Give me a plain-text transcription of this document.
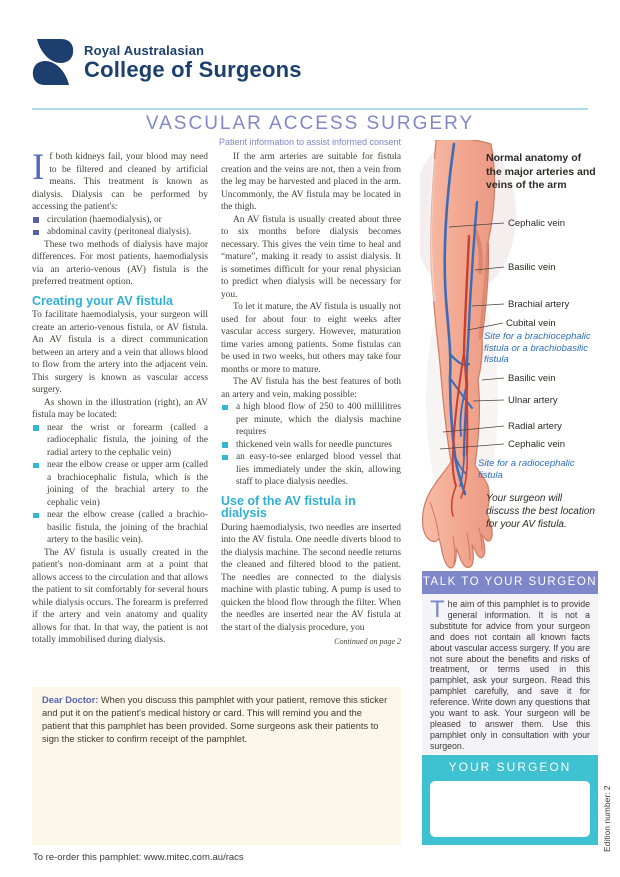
Royal Australasian
College of Surgeons
VASCULAR ACCESS SURGERY
Patient information to assist informed consent

If both kidneys fail, your blood may need to be filtered and cleaned by artificial means. This treatment is known as dialysis. Dialysis can be performed by accessing the patient's:

circulation (haemodialysis), or
abdominal cavity (peritoneal dialysis).

These two methods of dialysis have major differences. For most patients, haemodialysis via an arterio-venous (AV) fistula is the preferred treatment option.

Creating your AV fistula

To facilitate haemodialysis, your surgeon will create an arterio-venous fistula, or AV fistula. An AV fistula is a direct communication between an artery and a vein that allows blood to flow from the artery into the adjacent vein. This surgery is known as vascular access surgery.

As shown in the illustration (right), an AV fistula may be located:

near the wrist or forearm (called a radiocephalic fistula, the joining of the radial artery to the cephalic vein)
near the elbow crease or upper arm (called a brachiocephalic fistula, which is the joining of the brachial artery to the cephalic vein)
near the elbow crease (called a brachio-basilic fistula, the joining of the brachial artery to the basilic vein).

The AV fistula is usually created in the patient's non-dominant arm at a point that allows access to the circulation and that allows the patient to sit comfortably for several hours while dialysis occurs. The forearm is preferred if the artery and vein anatomy and quality allows for that. In that way, the patient is not totally immobilised during dialysis.

If the arm arteries are suitable for fistula creation and the veins are not, then a vein from the leg may be harvested and placed in the arm. Uncommonly, the AV fistula may be located in the thigh.

An AV fistula is usually created about three to six months before dialysis becomes necessary. This gives the vein time to heal and “mature”, making it ready to assist dialysis. It is sometimes difficult for your renal physician to predict when dialysis will be necessary for you.

To let it mature, the AV fistula is usually not used for about four to eight weeks after vascular access surgery. However, maturation time varies among patients. Some fistulas can be used in two weeks, but others may take four months or more to mature.

The AV fistula has the best features of both an artery and vein, making possible:

a high blood flow of 250 to 400 millilitres per minute, which the dialysis machine requires
thickened vein walls for needle punctures
an easy-to-see enlarged blood vessel that lies immediately under the skin, allowing staff to place dialysis needles.
Use of the AV fistula in dialysis

During haemodialysis, two needles are inserted into the AV fistula. One needle diverts blood to the dialysis machine. The second needle returns the cleaned and filtered blood to the patient. The needles are connected to the dialysis machine with plastic tubing. A pump is used to quicken the blood flow through the filter. When the needles are inserted near the AV fistula at the start of the dialysis procedure, you

Continued on page 2
Dear Doctor: When you discuss this pamphlet with your patient, remove this sticker and put it on the patient's medical history or card. This will remind you and the patient that this pamphlet has been provided. Some surgeons ask their patients to sign the sticker to confirm receipt of the pamphlet.
Normal anatomy of the major arteries and veins of the arm
Cephalic vein
Basilic vein
Brachial artery
Cubital vein
Site for a brachiocephalic fistula or a brachiobasilic fistula
Basilic vein
Ulnar artery
Radial artery
Cephalic vein
Site for a radiocephalic fistula
Your surgeon will discuss the best location for your AV fistula.
TALK TO YOUR SURGEON
The aim of this pamphlet is to provide general information. It is not a substitute for advice from your surgeon and does not contain all known facts about vascular access surgery. If you are not sure about the benefits and risks of treatment, or terms used in this pamphlet, ask your surgeon. Read this pamphlet carefully, and save it for reference. Write down any questions that you want to ask. Your surgeon will be pleased to answer them. Use this pamphlet only in consultation with your surgeon.
YOUR SURGEON
To re-order this pamphlet: www.mitec.com.au/racs
Edition number: 2
